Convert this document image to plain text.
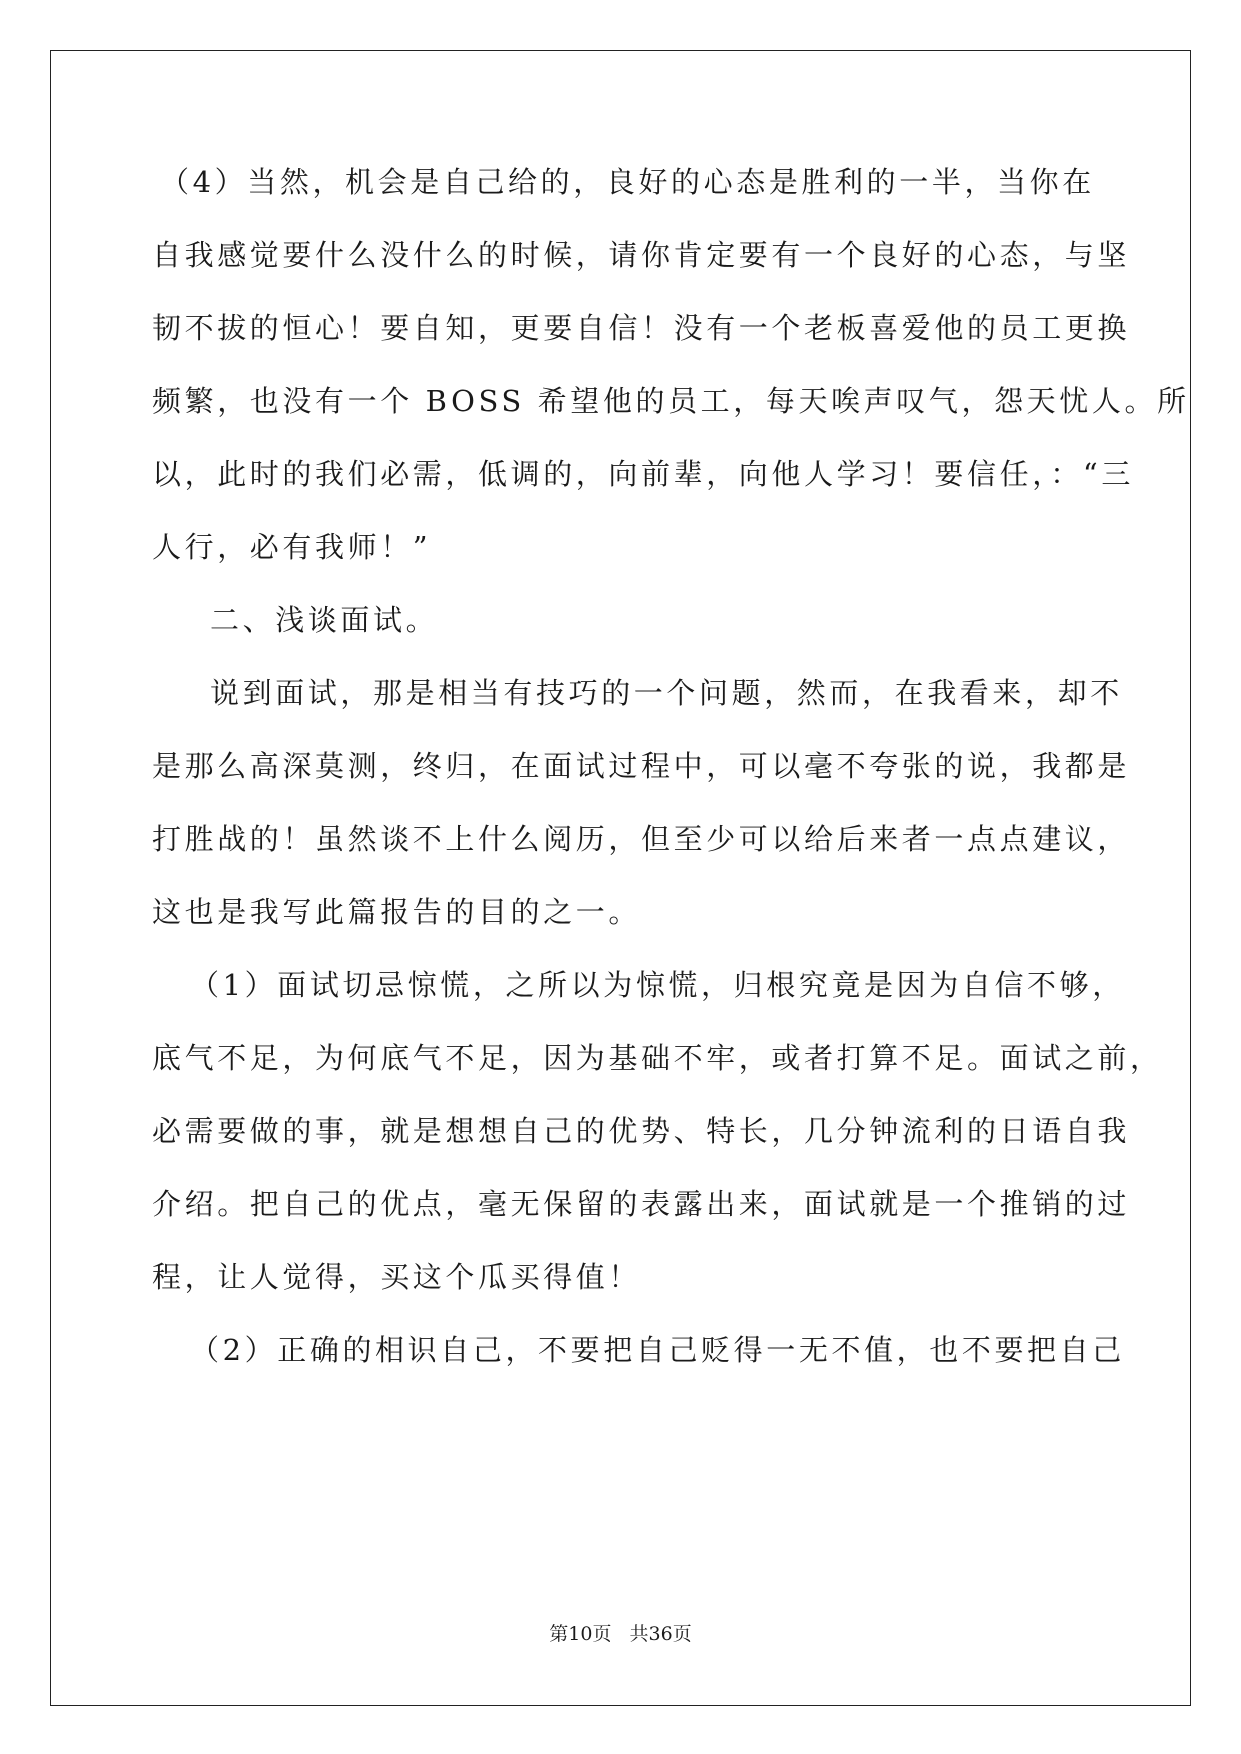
（4）当然，机会是自己给的，良好的心态是胜利的一半，当你在
自我感觉要什么没什么的时候，请你肯定要有一个良好的心态，与坚
韧不拔的恒心！要自知，更要自信！没有一个老板喜爱他的员工更换
频繁，也没有一个 BOSS 希望他的员工，每天唉声叹气，怨天忧人。所
以，此时的我们必需，低调的，向前辈，向他人学习！要信任，：“三
人行，必有我师！”
二、浅谈面试。
说到面试，那是相当有技巧的一个问题，然而，在我看来，却不
是那么高深莫测，终归，在面试过程中，可以毫不夸张的说，我都是
打胜战的！虽然谈不上什么阅历，但至少可以给后来者一点点建议，
这也是我写此篇报告的目的之一。
（1）面试切忌惊慌，之所以为惊慌，归根究竟是因为自信不够，
底气不足，为何底气不足，因为基础不牢，或者打算不足。面试之前，
必需要做的事，就是想想自己的优势、特长，几分钟流利的日语自我
介绍。把自己的优点，毫无保留的表露出来，面试就是一个推销的过
程，让人觉得，买这个瓜买得值！
（2）正确的相识自己，不要把自己贬得一无不值，也不要把自己
第10页 共36页
